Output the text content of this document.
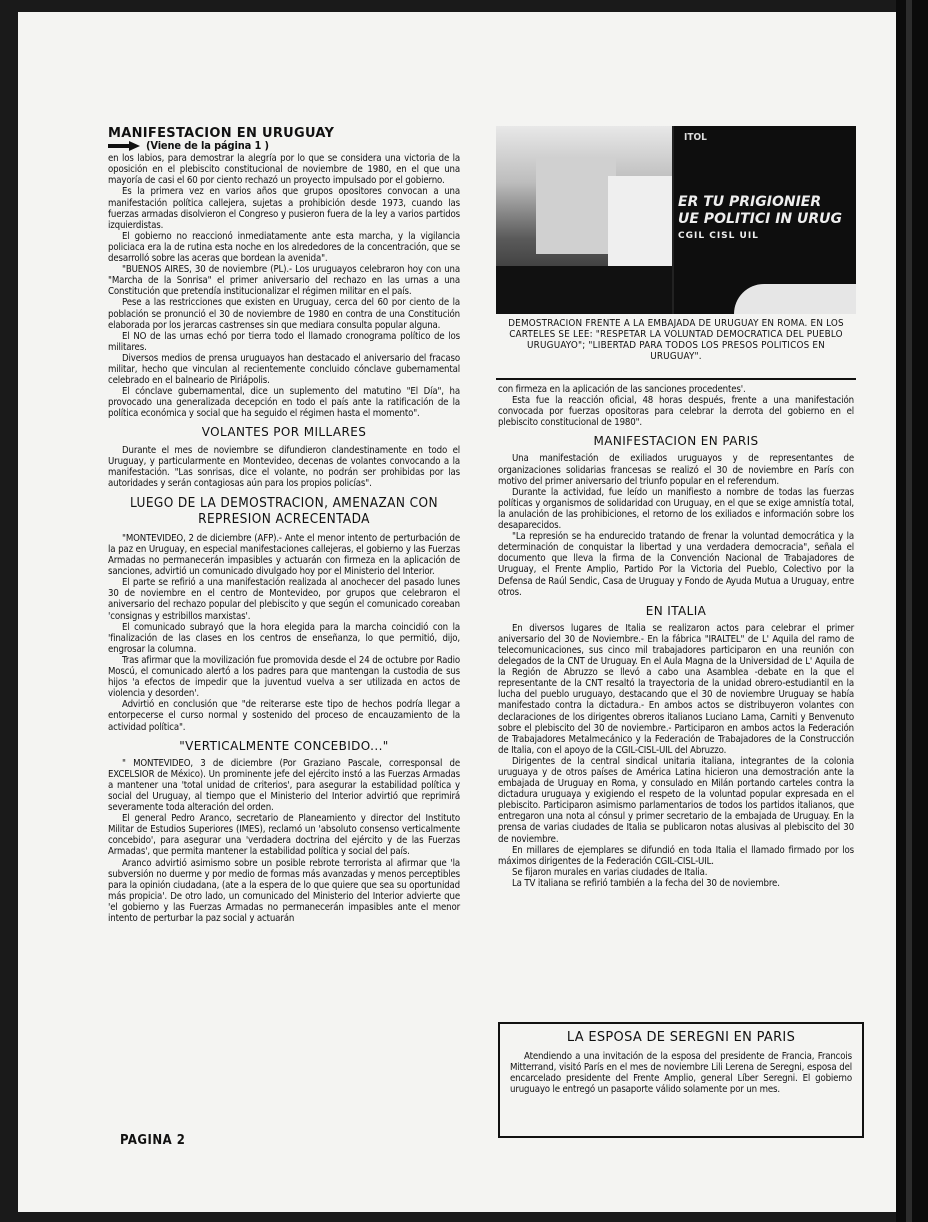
MANIFESTACION EN URUGUAY
(Viene de la página 1 )

en los labios, para demostrar la alegría por lo que se considera una victoria de la oposición en el plebiscito constitucional de noviembre de 1980, en el que una mayoría de casi el 60 por ciento rechazó un proyecto impulsado por el gobierno.

Es la primera vez en varios años que grupos opositores convocan a una manifestación política callejera, sujetas a prohibición desde 1973, cuando las fuerzas armadas disolvieron el Congreso y pusieron fuera de la ley a varios partidos izquierdistas.

El gobierno no reaccionó inmediatamente ante esta marcha, y la vigilancia policiaca era la de rutina esta noche en los alrededores de la concentración, que se desarrolló sobre las aceras que bordean la avenida".

"BUENOS AIRES, 30 de noviembre (PL).- Los uruguayos celebraron hoy con una "Marcha de la Sonrisa" el primer aniversario del rechazo en las urnas a una Constitución que pretendía institucionalizar el régimen militar en el país.

Pese a las restricciones que existen en Uruguay, cerca del 60 por ciento de la población se pronunció el 30 de noviembre de 1980 en contra de una Constitución elaborada por los jerarcas castrenses sin que mediara consulta popular alguna.

El NO de las urnas echó por tierra todo el llamado cronograma político de los militares.

Diversos medios de prensa uruguayos han destacado el aniversario del fracaso militar, hecho que vinculan al recientemente concluido cónclave gubernamental celebrado en el balneario de Piriápolis.

El cónclave gubernamental, dice un suplemento del matutino "El Día", ha provocado una generalizada decepción en todo el país ante la ratificación de la política económica y social que ha seguido el régimen hasta el momento".

VOLANTES POR MILLARES

Durante el mes de noviembre se difundieron clandestinamente en todo el Uruguay, y particularmente en Montevideo, decenas de volantes convocando a la manifestación. "Las sonrisas, dice el volante, no podrán ser prohibidas por las autoridades y serán contagiosas aún para los propios policías".

LUEGO DE LA DEMOSTRACION, AMENAZAN CON REPRESION ACRECENTADA

"MONTEVIDEO, 2 de diciembre (AFP).- Ante el menor intento de perturbación de la paz en Uruguay, en especial manifestaciones callejeras, el gobierno y las Fuerzas Armadas no permanecerán impasibles y actuarán con firmeza en la aplicación de sanciones, advirtió un comunicado divulgado hoy por el Ministerio del Interior.

El parte se refirió a una manifestación realizada al anochecer del pasado lunes 30 de noviembre en el centro de Montevideo, por grupos que celebraron el aniversario del rechazo popular del plebiscito y que según el comunicado coreaban 'consignas y estribillos marxistas'.

El comunicado subrayó que la hora elegida para la marcha coincidió con la 'finalización de las clases en los centros de enseñanza, lo que permitió, dijo, engrosar la columna.

Tras afirmar que la movilización fue promovida desde el 24 de octubre por Radio Moscú, el comunicado alertó a los padres para que mantengan la custodia de sus hijos 'a efectos de impedir que la juventud vuelva a ser utilizada en actos de violencia y desorden'.

Advirtió en conclusión que "de reiterarse este tipo de hechos podría llegar a entorpecerse el curso normal y sostenido del proceso de encauzamiento de la actividad política".

"VERTICALMENTE CONCEBIDO..."

" MONTEVIDEO, 3 de diciembre (Por Graziano Pascale, corresponsal de EXCELSIOR de México). Un prominente jefe del ejército instó a las Fuerzas Armadas a mantener una 'total unidad de criterios', para asegurar la estabilidad política y social del Uruguay, al tiempo que el Ministerio del Interior advirtió que reprimirá severamente toda alteración del orden.

El general Pedro Aranco, secretario de Planeamiento y director del Instituto Militar de Estudios Superiores (IMES), reclamó un 'absoluto consenso verticalmente concebido', para asegurar una 'verdadera doctrina del ejército y de las Fuerzas Armadas', que permita mantener la estabilidad política y social del país.

Aranco advirtió asimismo sobre un posible rebrote terrorista al afirmar que 'la subversión no duerme y por medio de formas más avanzadas y menos perceptibles para la opinión ciudadana, (ate a la espera de lo que quiere que sea su oportunidad más propicia'. De otro lado, un comunicado del Ministerio del Interior advierte que 'el gobierno y las Fuerzas Armadas no permanecerán impasibles ante el menor intento de perturbar la paz social y actuarán

ITOL
ER TU PRIGIONIER
UE POLITICI IN URUG
CGIL CISL UIL
DEMOSTRACION FRENTE A LA EMBAJADA DE URUGUAY EN ROMA. EN LOS CARTELES SE LEE: "RESPETAR LA VOLUNTAD DEMOCRATICA DEL PUEBLO URUGUAYO"; "LIBERTAD PARA TODOS LOS PRESOS POLITICOS EN URUGUAY".

con firmeza en la aplicación de las sanciones procedentes'.

Esta fue la reacción oficial, 48 horas después, frente a una manifestación convocada por fuerzas opositoras para celebrar la derrota del gobierno en el plebiscito constitucional de 1980".

MANIFESTACION EN PARIS

Una manifestación de exiliados uruguayos y de representantes de organizaciones solidarias francesas se realizó el 30 de noviembre en París con motivo del primer aniversario del triunfo popular en el referendum.

Durante la actividad, fue leído un manifiesto a nombre de todas las fuerzas políticas y organismos de solidaridad con Uruguay, en el que se exige amnistía total, la anulación de las prohibiciones, el retorno de los exiliados e información sobre los desaparecidos.

"La represión se ha endurecido tratando de frenar la voluntad democrática y la determinación de conquistar la libertad y una verdadera democracia", señala el documento que lleva la firma de la Convención Nacional de Trabajadores de Uruguay, el Frente Amplio, Partido Por la Victoria del Pueblo, Colectivo por la Defensa de Raúl Sendic, Casa de Uruguay y Fondo de Ayuda Mutua a Uruguay, entre otros.

EN ITALIA

En diversos lugares de Italia se realizaron actos para celebrar el primer aniversario del 30 de Noviembre.- En la fábrica "IRALTEL" de L' Aquila del ramo de telecomunicaciones, sus cinco mil trabajadores participaron en una reunión con delegados de la CNT de Uruguay. En el Aula Magna de la Universidad de L' Aquila de la Región de Abruzzo se llevó a cabo una Asamblea -debate en la que el representante de la CNT resaltó la trayectoria de la unidad obrero-estudiantil en la lucha del pueblo uruguayo, destacando que el 30 de noviembre Uruguay se había manifestado contra la dictadura.- En ambos actos se distribuyeron volantes con declaraciones de los dirigentes obreros italianos Luciano Lama, Carniti y Benvenuto sobre el plebiscito del 30 de noviembre.- Participaron en ambos actos la Federación de Trabajadores Metalmecánico y la Federación de Trabajadores de la Construcción de Italia, con el apoyo de la CGIL-CISL-UIL del Abruzzo.

Dirigentes de la central sindical unitaria italiana, integrantes de la colonia uruguaya y de otros países de América Latina hicieron una demostración ante la embajada de Uruguay en Roma, y consulado en Milán portando carteles contra la dictadura uruguaya y exigiendo el respeto de la voluntad popular expresada en el plebiscito. Participaron asimismo parlamentarios de todos los partidos italianos, que entregaron una nota al cónsul y primer secretario de la embajada de Uruguay. En la prensa de varias ciudades de Italia se publicaron notas alusivas al plebiscito del 30 de noviembre.

En millares de ejemplares se difundió en toda Italia el llamado firmado por los máximos dirigentes de la Federación CGIL-CISL-UIL.

Se fijaron murales en varias ciudades de Italia.

La TV italiana se refirió también a la fecha del 30 de noviembre.

LA ESPOSA DE SEREGNI EN PARIS

Atendiendo a una invitación de la esposa del presidente de Francia, Francois Mitterrand, visitó París en el mes de noviembre Lili Lerena de Seregni, esposa del encarcelado presidente del Frente Amplio, general Líber Seregni. El gobierno uruguayo le entregó un pasaporte válido solamente por un mes.

PAGINA 2
